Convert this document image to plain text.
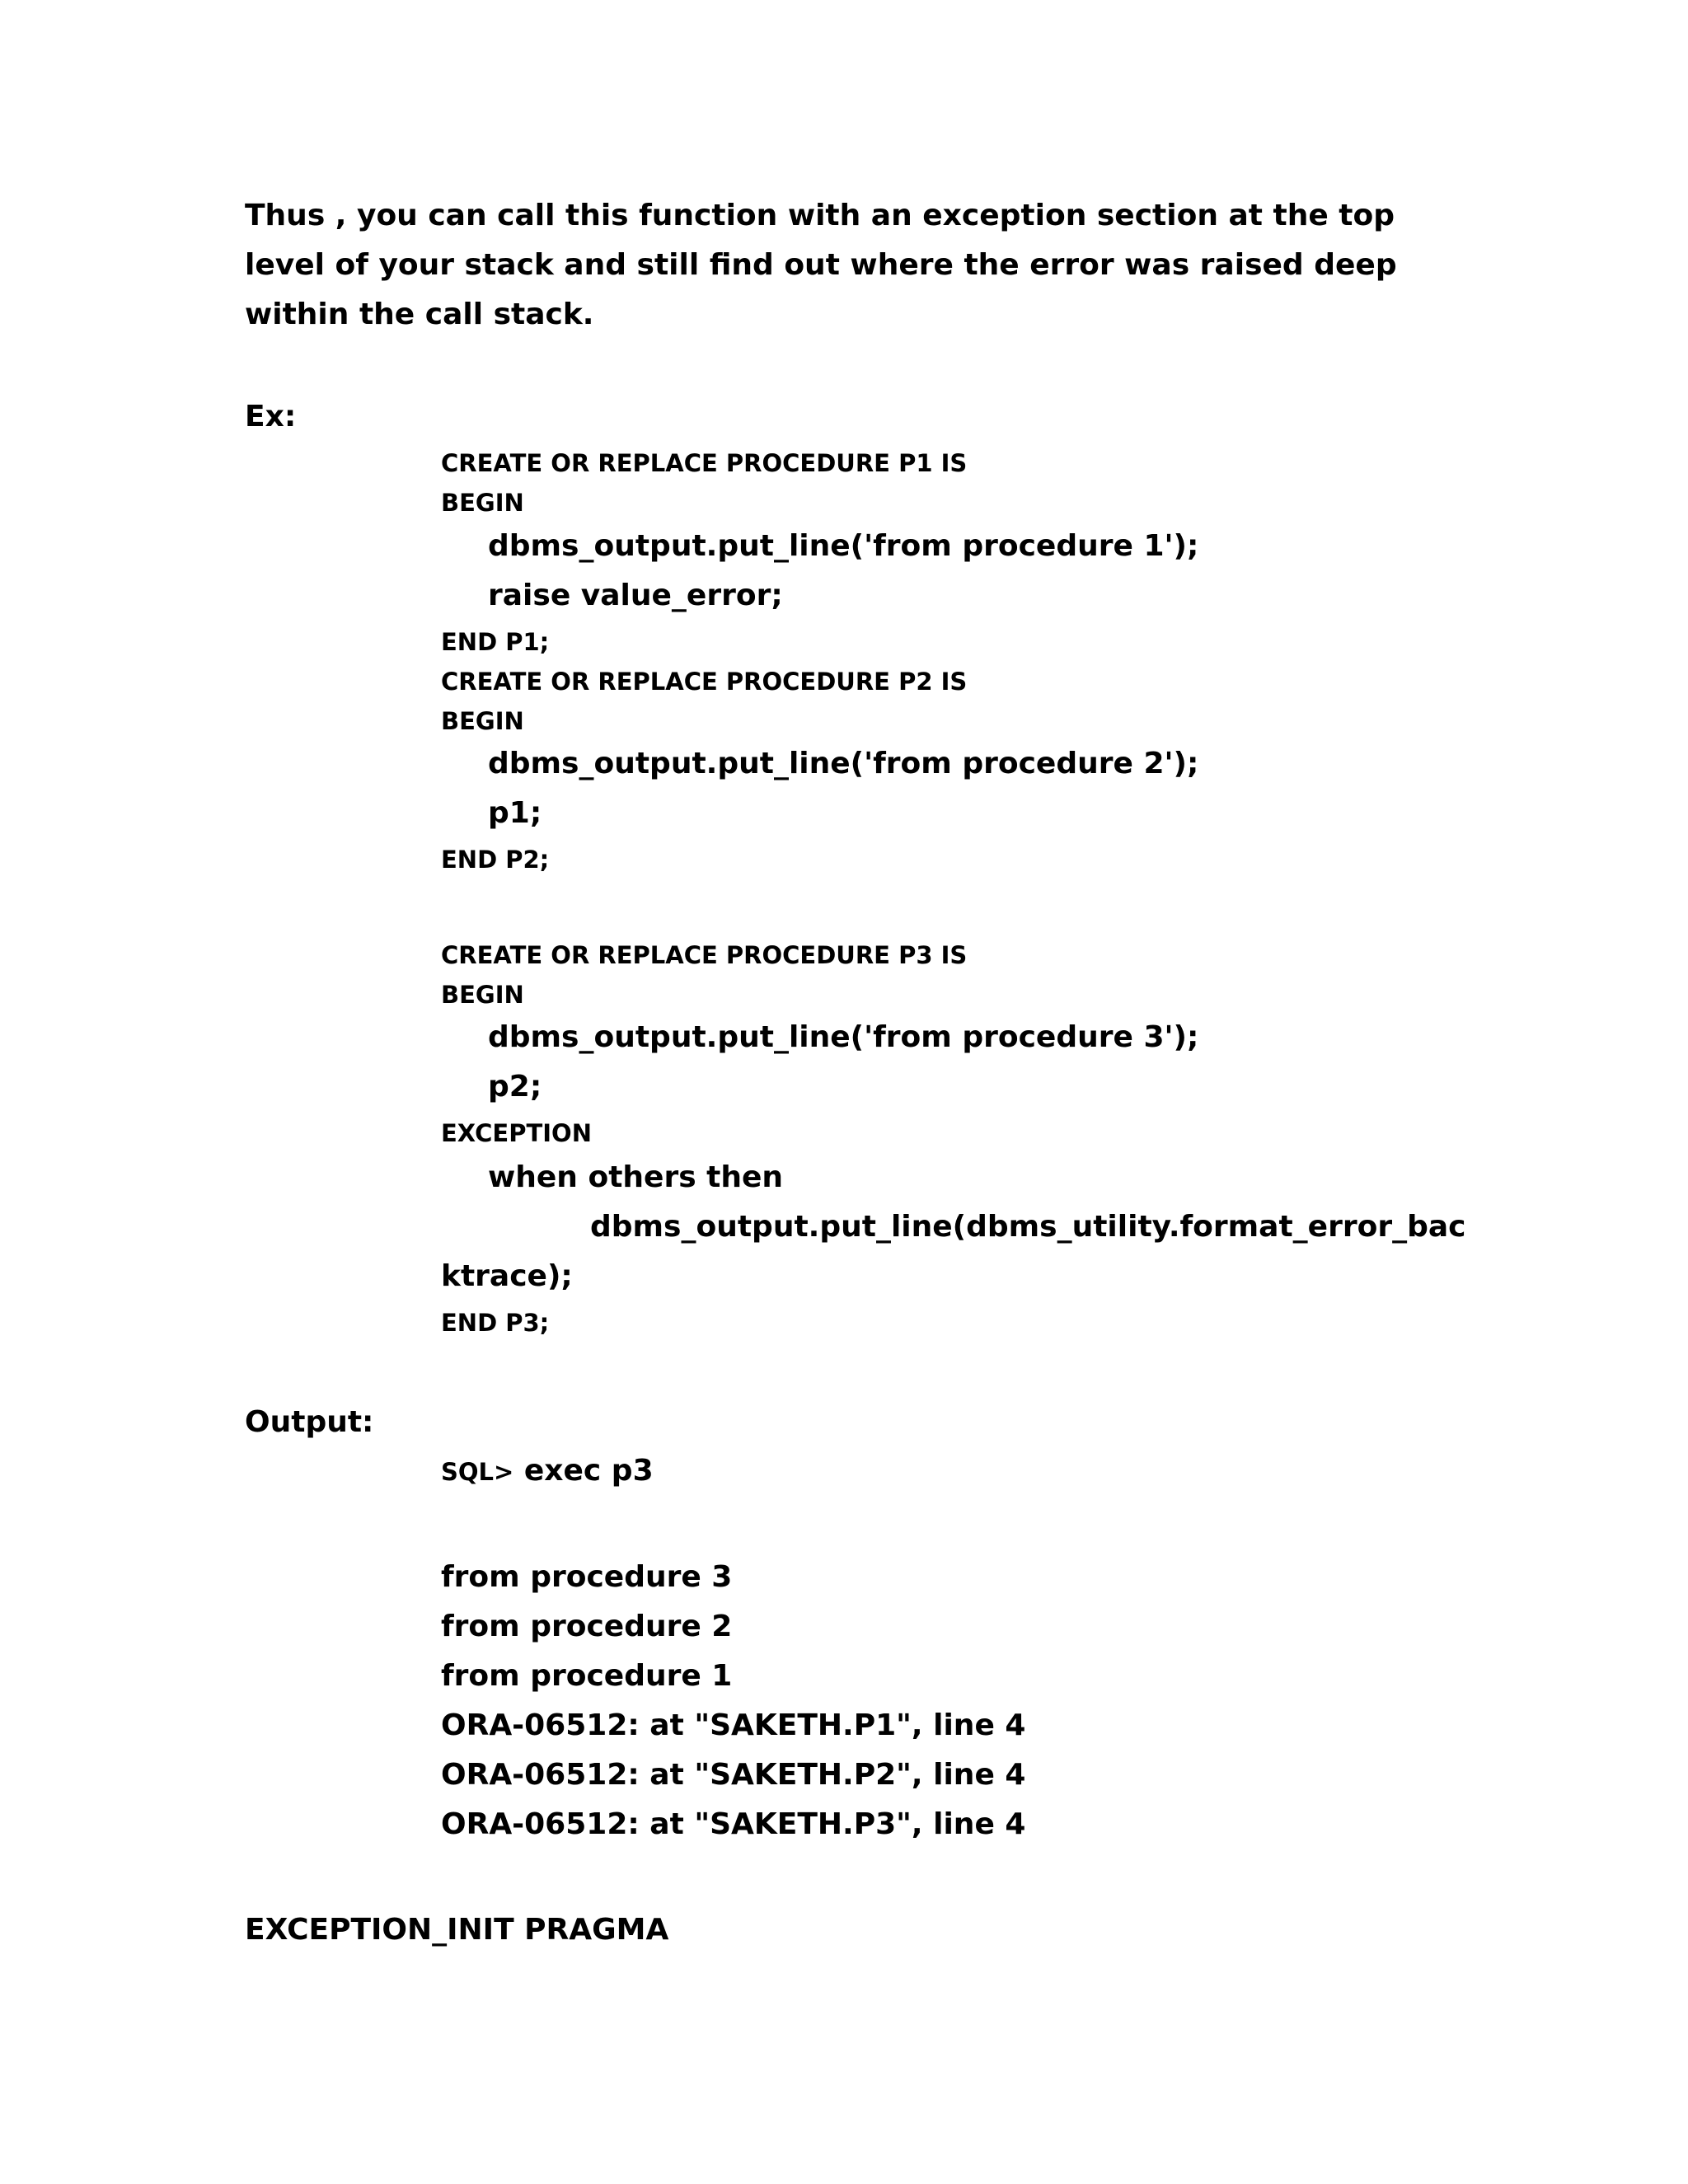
Thus , you can call this function with an exception section at the top level of your stack and still find out where the error was raised deep within the call stack.

Ex:

CREATE OR REPLACE PROCEDURE P1 IS

BEGIN

dbms_output.put_line('from procedure 1');

raise value_error;

END P1;

CREATE OR REPLACE PROCEDURE P2 IS

BEGIN

dbms_output.put_line('from procedure 2');

p1;

END P2;

CREATE OR REPLACE PROCEDURE P3 IS

BEGIN

dbms_output.put_line('from procedure 3');

p2;

EXCEPTION

when others then

dbms_output.put_line(dbms_utility.format_error_bac

ktrace);

END P3;

Output:

SQL> exec p3

from procedure 3

from procedure 2

from procedure 1

ORA-06512: at "SAKETH.P1", line 4

ORA-06512: at "SAKETH.P2", line 4

ORA-06512: at "SAKETH.P3", line 4

EXCEPTION_INIT PRAGMA
